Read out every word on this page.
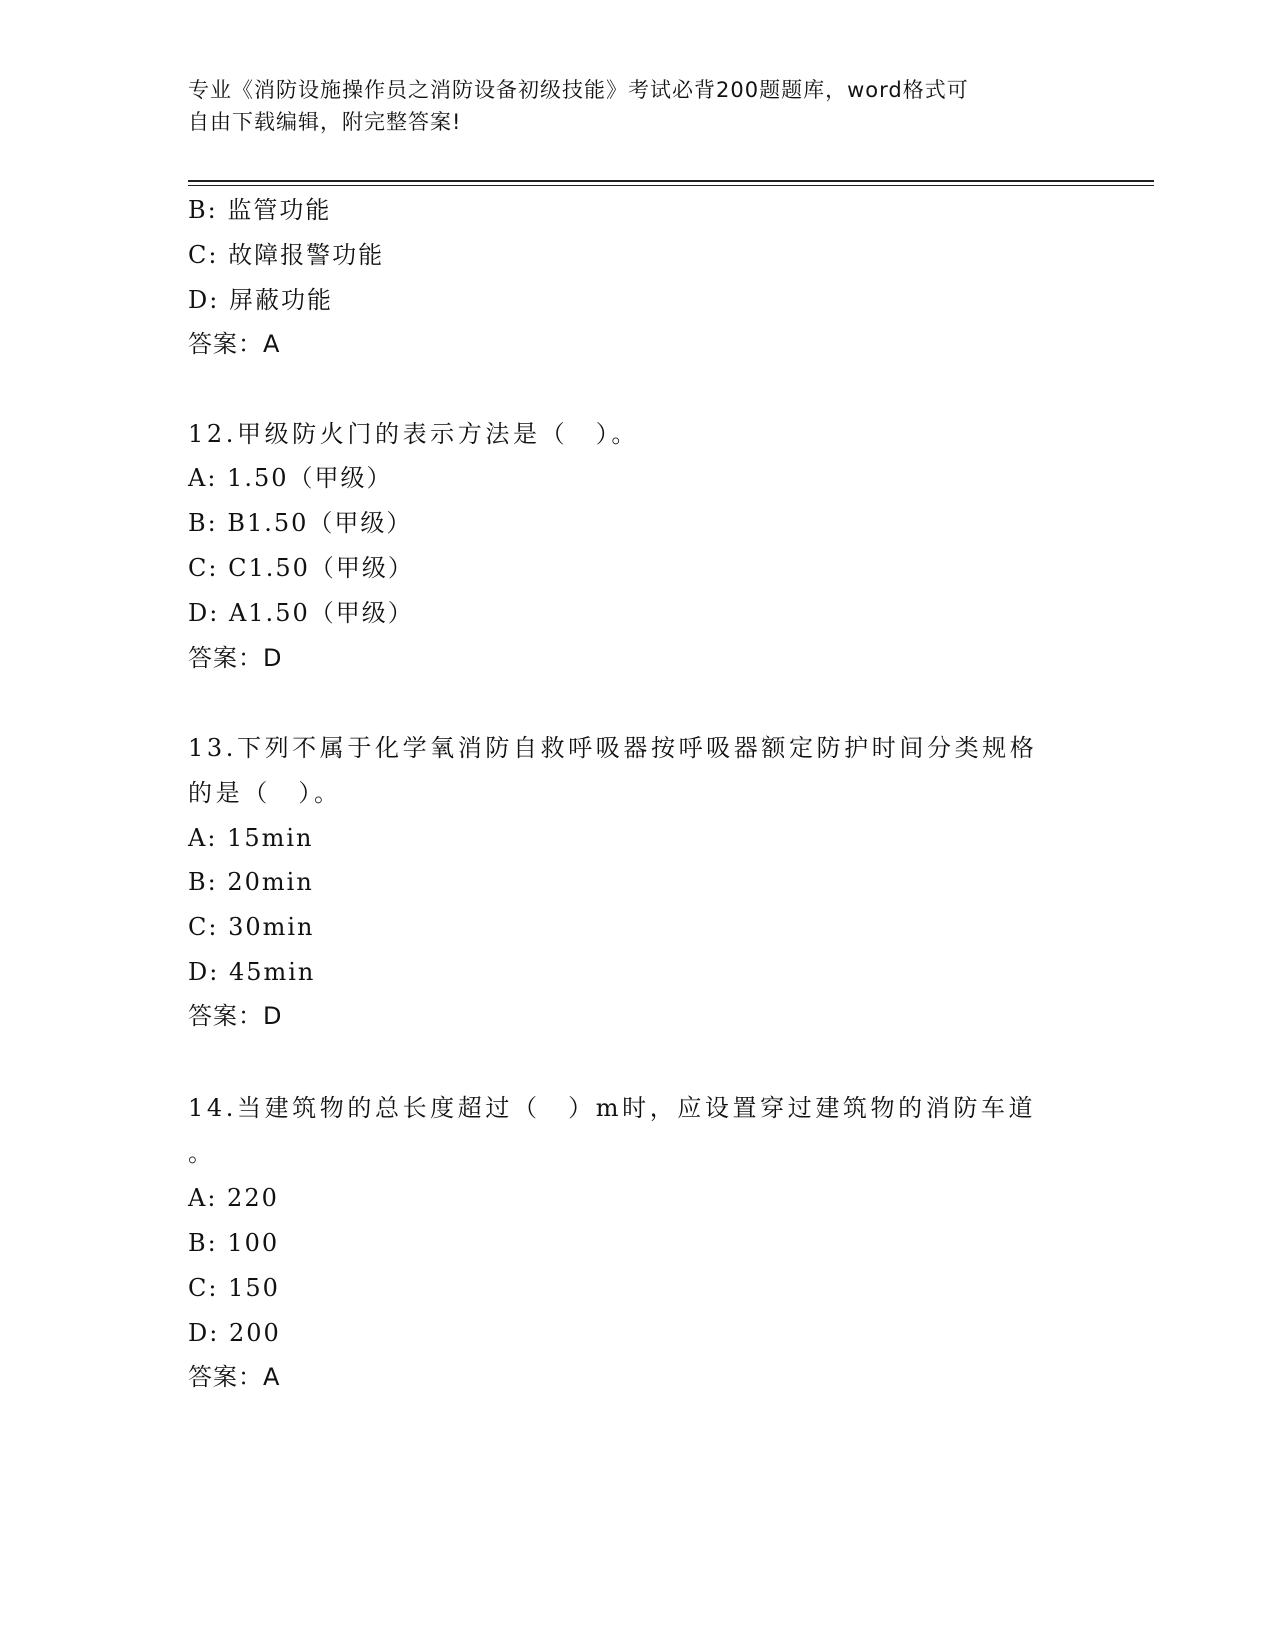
专业《消防设施操作员之消防设备初级技能》考试必背200题题库，word格式可
自由下载编辑，附完整答案!
B: 监管功能
C: 故障报警功能
D: 屏蔽功能
答案：A
12.甲级防火门的表示方法是（　）。
A: 1.50（甲级）
B: B1.50（甲级）
C: C1.50（甲级）
D: A1.50（甲级）
答案：D
13.下列不属于化学氧消防自救呼吸器按呼吸器额定防护时间分类规格
的是（　）。
A: 15min
B: 20min
C: 30min
D: 45min
答案：D
14.当建筑物的总长度超过（　）m时，应设置穿过建筑物的消防车道
。
A: 220
B: 100
C: 150
D: 200
答案：A
